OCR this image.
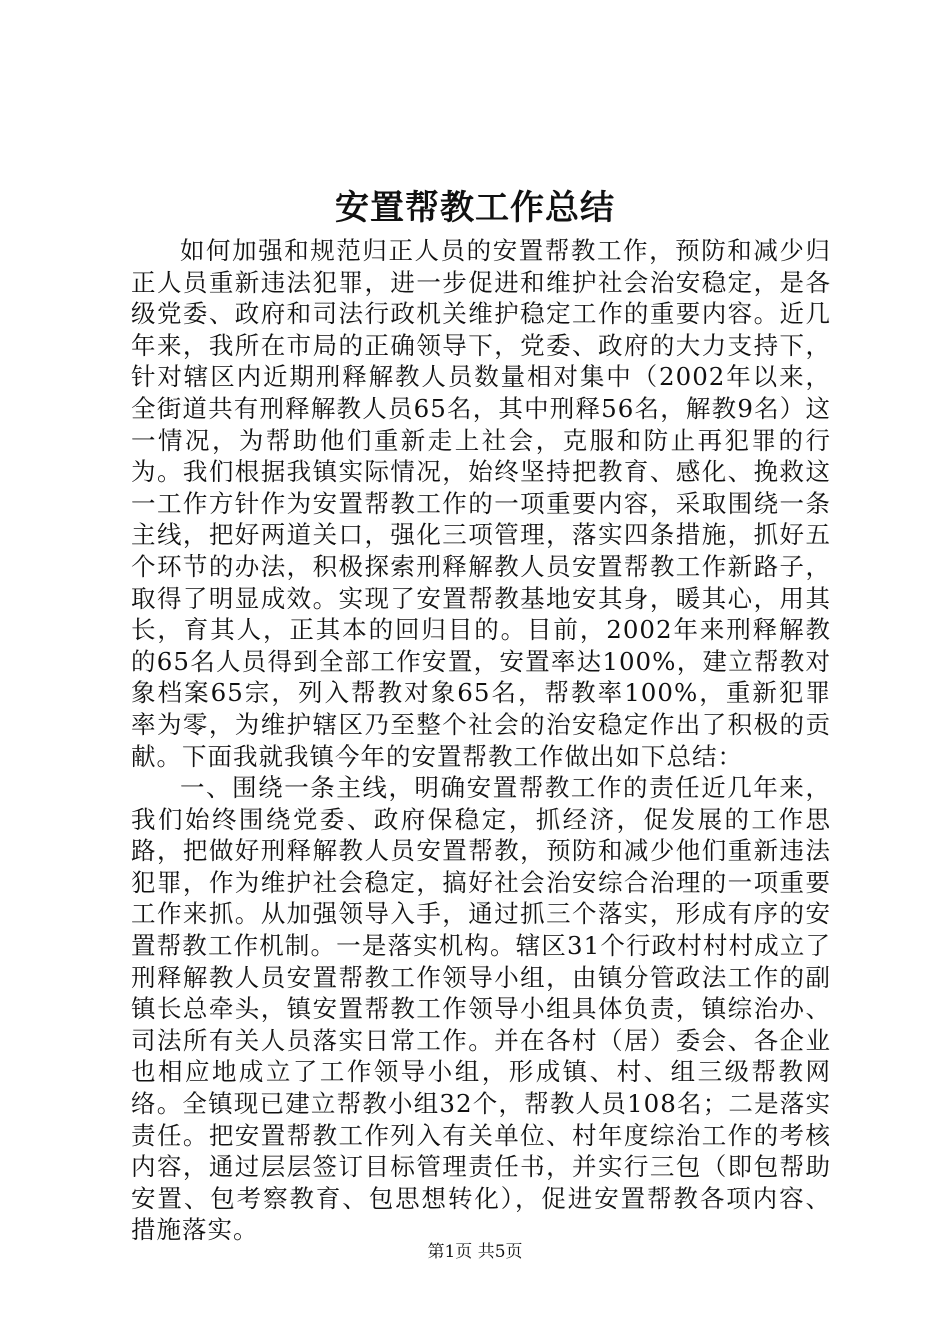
安置帮教工作总结

如何加强和规范归正人员的安置帮教工作，预防和减少归正人员重新违法犯罪，进一步促进和维护社会治安稳定，是各级党委、政府和司法行政机关维护稳定工作的重要内容。近几年来，我所在市局的正确领导下，党委、政府的大力支持下，针对辖区内近期刑释解教人员数量相对集中（2002年以来，全街道共有刑释解教人员65名，其中刑释56名，解教9名）这一情况，为帮助他们重新走上社会，克服和防止再犯罪的行为。我们根据我镇实际情况，始终坚持把教育、感化、挽救这一工作方针作为安置帮教工作的一项重要内容，采取围绕一条主线，把好两道关口，强化三项管理，落实四条措施，抓好五个环节的办法，积极探索刑释解教人员安置帮教工作新路子，取得了明显成效。实现了安置帮教基地安其身，暖其心，用其长，育其人，正其本的回归目的。目前，2002年来刑释解教的65名人员得到全部工作安置，安置率达100%，建立帮教对象档案65宗，列入帮教对象65名，帮教率100%，重新犯罪率为零，为维护辖区乃至整个社会的治安稳定作出了积极的贡献。下面我就我镇今年的安置帮教工作做出如下总结：

一、围绕一条主线，明确安置帮教工作的责任近几年来，我们始终围绕党委、政府保稳定，抓经济，促发展的工作思路，把做好刑释解教人员安置帮教，预防和减少他们重新违法犯罪，作为维护社会稳定，搞好社会治安综合治理的一项重要工作来抓。从加强领导入手，通过抓三个落实，形成有序的安置帮教工作机制。一是落实机构。辖区31个行政村村村成立了刑释解教人员安置帮教工作领导小组，由镇分管政法工作的副镇长总牵头，镇安置帮教工作领导小组具体负责，镇综治办、司法所有关人员落实日常工作。并在各村（居）委会、各企业也相应地成立了工作领导小组，形成镇、村、组三级帮教网络。全镇现已建立帮教小组32个，帮教人员108名；二是落实责任。把安置帮教工作列入有关单位、村年度综治工作的考核内容，通过层层签订目标管理责任书，并实行三包（即包帮助安置、包考察教育、包思想转化），促进安置帮教各项内容、措施落实。

第1页 共5页
